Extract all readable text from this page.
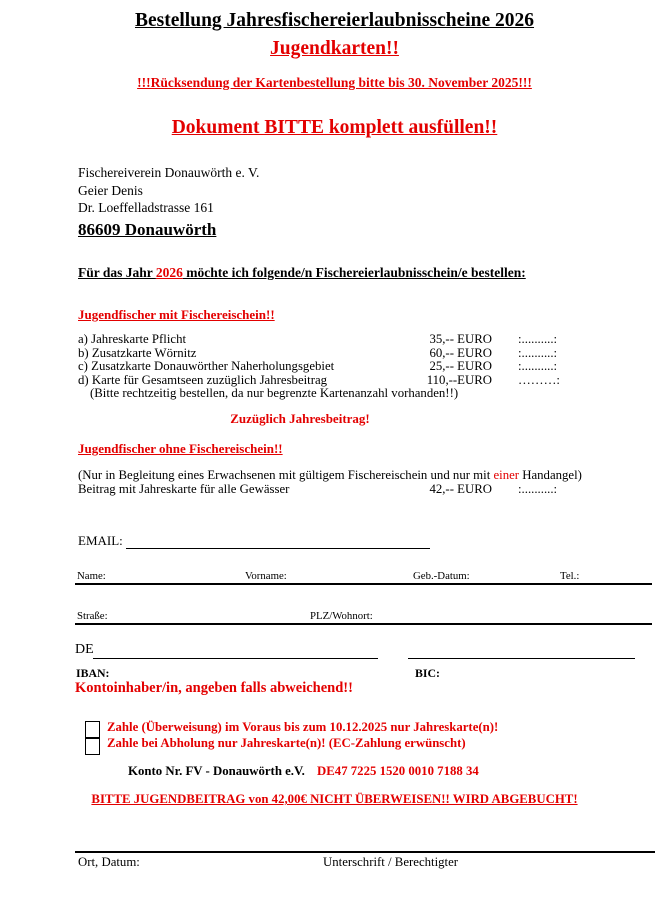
Bestellung Jahresfischereierlaubnisscheine 2026
Jugendkarten!!
!!!Rücksendung der Kartenbestellung bitte bis 30. November 2025!!!
Dokument BITTE komplett ausfüllen!!
Fischereiverein Donauwörth e. V.
Geier Denis
Dr. Loeffelladstrasse 161
86609 Donauwörth
Für das Jahr 2026 möchte ich folgende/n Fischereierlaubnisschein/e bestellen:
Jugendfischer mit Fischereischein!!
a) Jahreskarte Pflicht	35,-- EURO :..........:
b) Zusatzkarte Wörnitz	60,-- EURO :..........:
c) Zusatzkarte Donauwörther Naherholungsgebiet	25,-- EURO :..........:
d) Karte für Gesamtseen zuzüglich Jahresbeitrag	110,--EURO ………:
(Bitte rechtzeitig bestellen, da nur begrenzte Kartenanzahl vorhanden!!)
Zuzüglich Jahresbeitrag!
Jugendfischer ohne Fischereischein!!
(Nur in Begleitung eines Erwachsenen mit gültigem Fischereischein und nur mit einer Handangel)
Beitrag mit Jahreskarte für alle Gewässer	42,-- EURO :..........:
EMAIL:
Name:	Vorname:	Geb.-Datum:	Tel.:
Straße:	PLZ/Wohnort:
DE
IBAN:	BIC:
Kontoinhaber/in, angeben falls abweichend!!
Zahle (Überweisung) im Voraus bis zum 10.12.2025 nur Jahreskarte(n)!
Zahle bei Abholung nur Jahreskarte(n)! (EC-Zahlung erwünscht)
Konto Nr. FV - Donauwörth e.V. DE47 7225 1520 0010 7188 34
BITTE JUGENDBEITRAG von 42,00€ NICHT ÜBERWEISEN!! WIRD ABGEBUCHT!
Ort, Datum:	Unterschrift / Berechtigter
